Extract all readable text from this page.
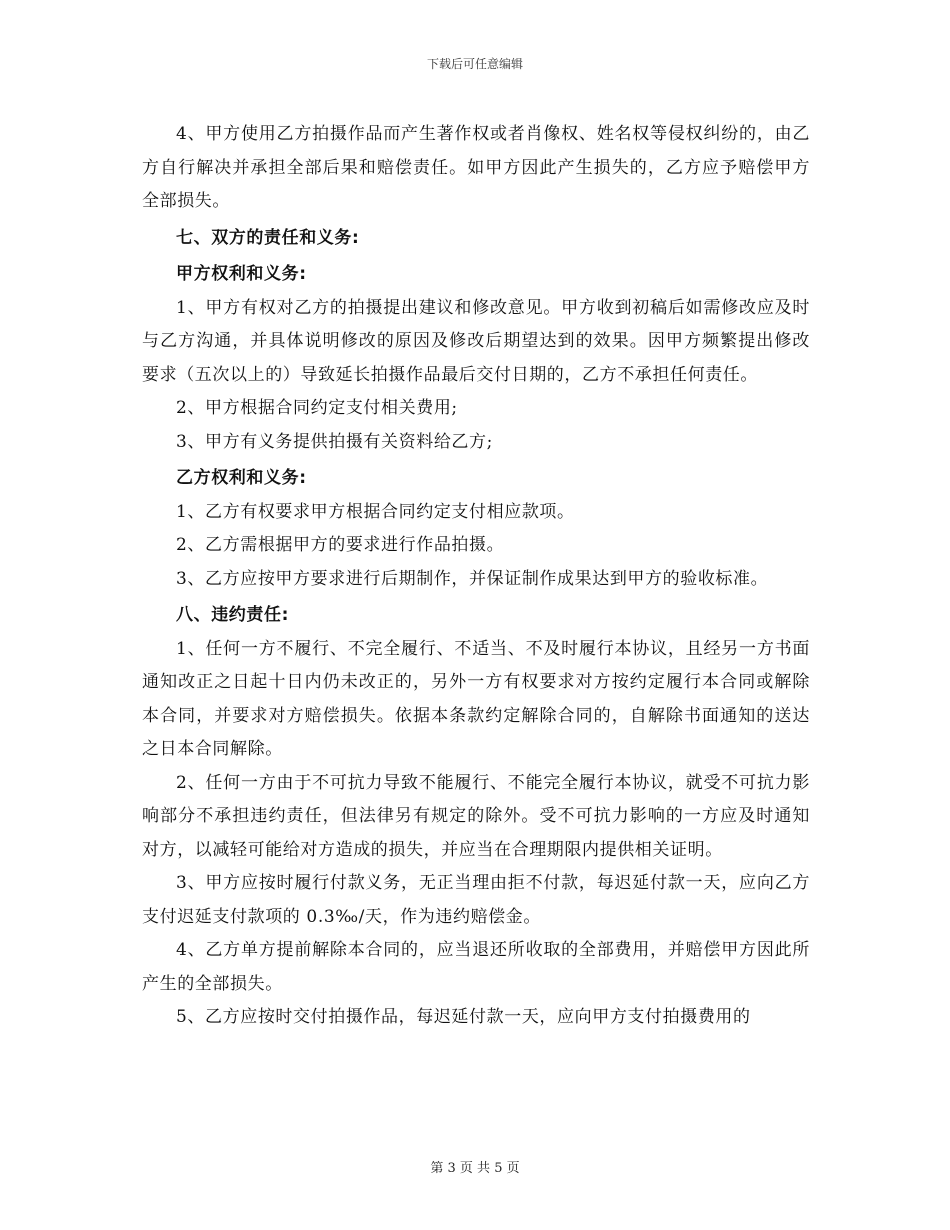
下载后可任意编辑

4、甲方使用乙方拍摄作品而产生著作权或者肖像权、姓名权等侵权纠纷的，由乙方自行解决并承担全部后果和赔偿责任。如甲方因此产生损失的，乙方应予赔偿甲方全部损失。

七、双方的责任和义务:

甲方权利和义务:

1、甲方有权对乙方的拍摄提出建议和修改意见。甲方收到初稿后如需修改应及时与乙方沟通，并具体说明修改的原因及修改后期望达到的效果。因甲方频繁提出修改要求（五次以上的）导致延长拍摄作品最后交付日期的，乙方不承担任何责任。

2、甲方根据合同约定支付相关费用;

3、甲方有义务提供拍摄有关资料给乙方;

乙方权利和义务:

1、乙方有权要求甲方根据合同约定支付相应款项。

2、乙方需根据甲方的要求进行作品拍摄。

3、乙方应按甲方要求进行后期制作，并保证制作成果达到甲方的验收标准。

八、违约责任:

1、任何一方不履行、不完全履行、不适当、不及时履行本协议，且经另一方书面通知改正之日起十日内仍未改正的，另外一方有权要求对方按约定履行本合同或解除本合同，并要求对方赔偿损失。依据本条款约定解除合同的，自解除书面通知的送达之日本合同解除。

2、任何一方由于不可抗力导致不能履行、不能完全履行本协议，就受不可抗力影响部分不承担违约责任，但法律另有规定的除外。受不可抗力影响的一方应及时通知对方，以减轻可能给对方造成的损失，并应当在合理期限内提供相关证明。

3、甲方应按时履行付款义务，无正当理由拒不付款，每迟延付款一天，应向乙方支付迟延支付款项的 0.3‰/天，作为违约赔偿金。

4、乙方单方提前解除本合同的，应当退还所收取的全部费用，并赔偿甲方因此所产生的全部损失。

5、乙方应按时交付拍摄作品，每迟延付款一天，应向甲方支付拍摄费用的

第 3 页 共 5 页
